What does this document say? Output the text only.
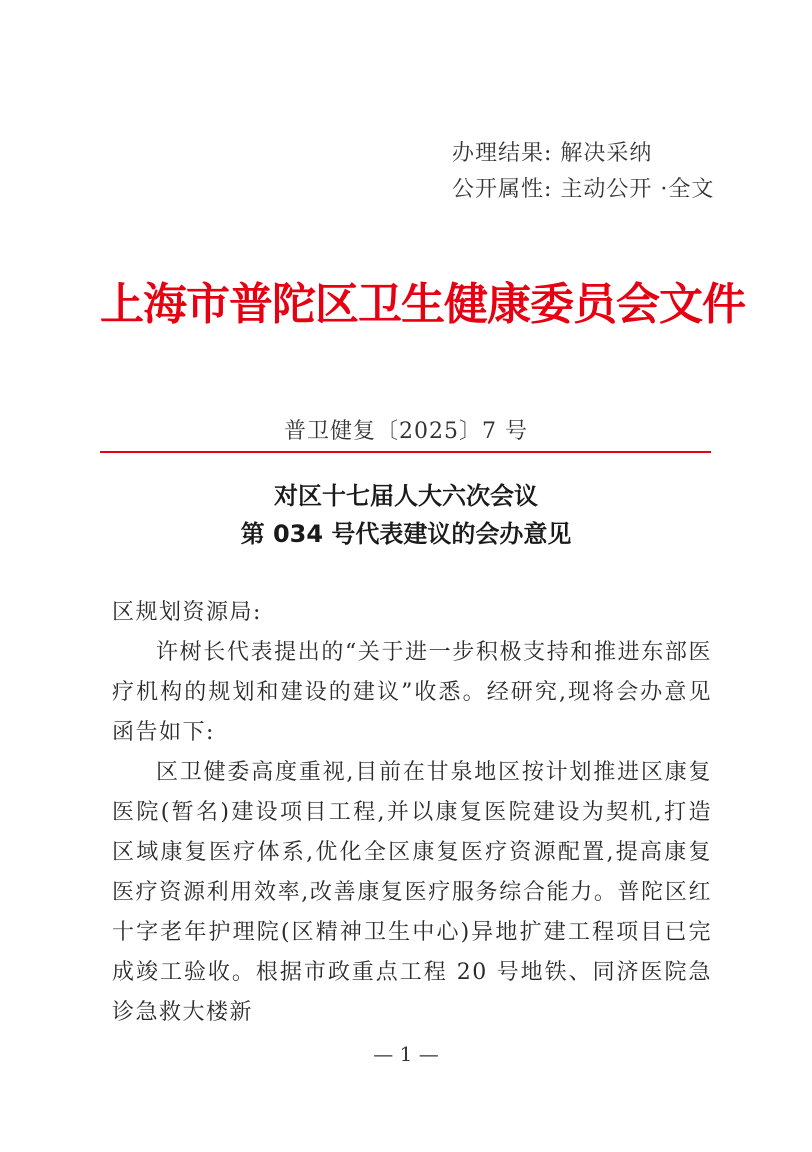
办理结果: 解决采纳
公开属性: 主动公开 ·全文
上海市普陀区卫生健康委员会文件
普卫健复〔2025〕7 号
对区十七届人大六次会议
第 034 号代表建议的会办意见
区规划资源局:

许树长代表提出的“关于进一步积极支持和推进东部医疗机构的规划和建设的建议”收悉。经研究,现将会办意见函告如下:

区卫健委高度重视,目前在甘泉地区按计划推进区康复医院(暂名)建设项目工程,并以康复医院建设为契机,打造区域康复医疗体系,优化全区康复医疗资源配置,提高康复医疗资源利用效率,改善康复医疗服务综合能力。普陀区红十字老年护理院(区精神卫生中心)异地扩建工程项目已完成竣工验收。根据市政重点工程 20 号地铁、同济医院急诊急救大楼新

— 1 —
